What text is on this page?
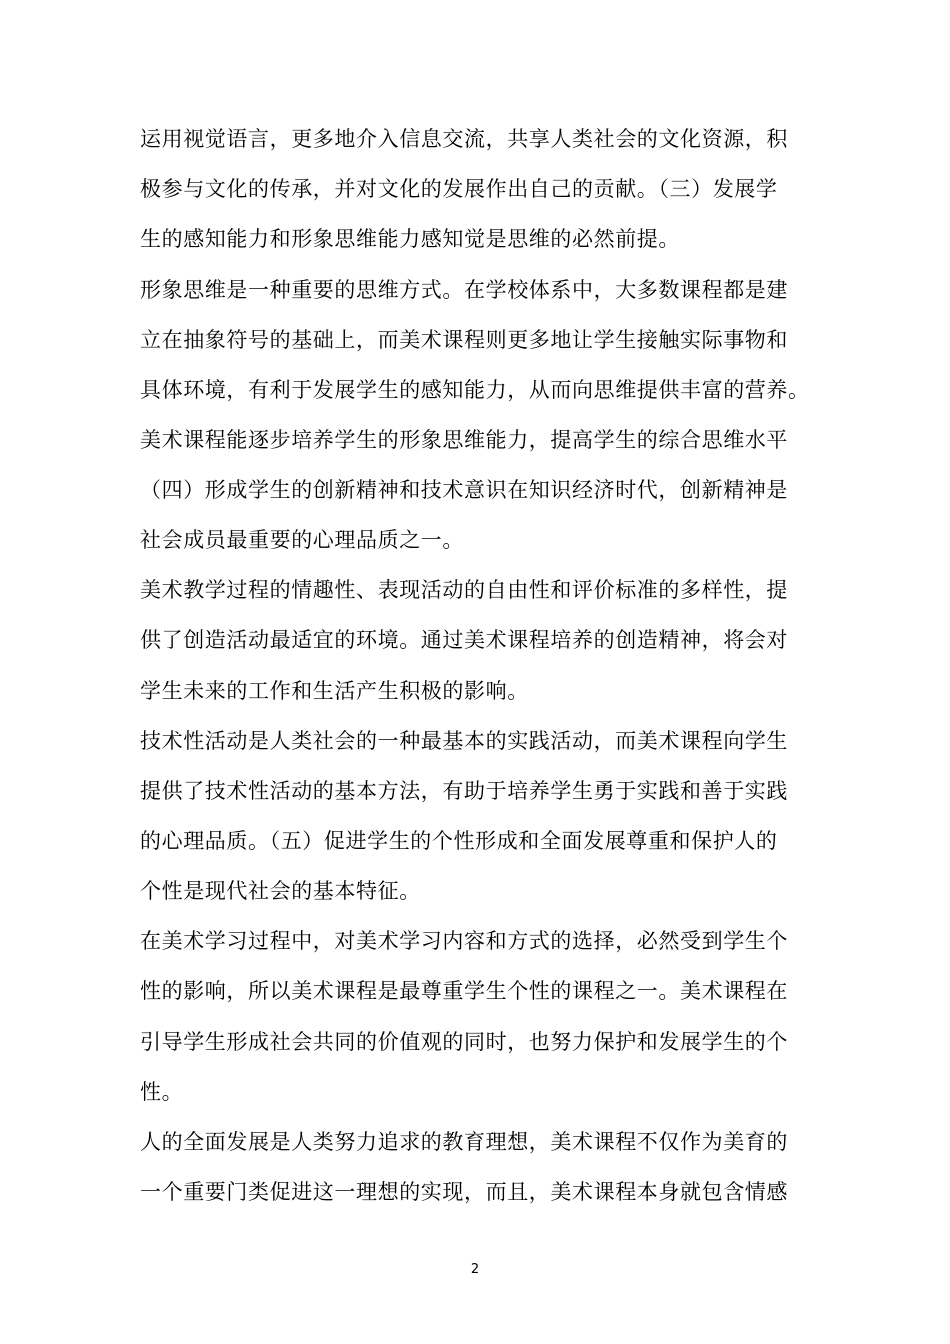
运用视觉语言，更多地介入信息交流，共享人类社会的文化资源，积
极参与文化的传承，并对文化的发展作出自己的贡献。（三）发展学
生的感知能力和形象思维能力感知觉是思维的必然前提。
形象思维是一种重要的思维方式。在学校体系中，大多数课程都是建
立在抽象符号的基础上，而美术课程则更多地让学生接触实际事物和
具体环境，有利于发展学生的感知能力，从而向思维提供丰富的营养。
美术课程能逐步培养学生的形象思维能力，提高学生的综合思维水平
（四）形成学生的创新精神和技术意识在知识经济时代，创新精神是
社会成员最重要的心理品质之一。
美术教学过程的情趣性、表现活动的自由性和评价标准的多样性，提
供了创造活动最适宜的环境。通过美术课程培养的创造精神，将会对
学生未来的工作和生活产生积极的影响。
技术性活动是人类社会的一种最基本的实践活动，而美术课程向学生
提供了技术性活动的基本方法，有助于培养学生勇于实践和善于实践
的心理品质。（五）促进学生的个性形成和全面发展尊重和保护人的
个性是现代社会的基本特征。
在美术学习过程中，对美术学习内容和方式的选择，必然受到学生个
性的影响，所以美术课程是最尊重学生个性的课程之一。美术课程在
引导学生形成社会共同的价值观的同时，也努力保护和发展学生的个
性。
人的全面发展是人类努力追求的教育理想，美术课程不仅作为美育的
一个重要门类促进这一理想的实现，而且，美术课程本身就包含情感
2
